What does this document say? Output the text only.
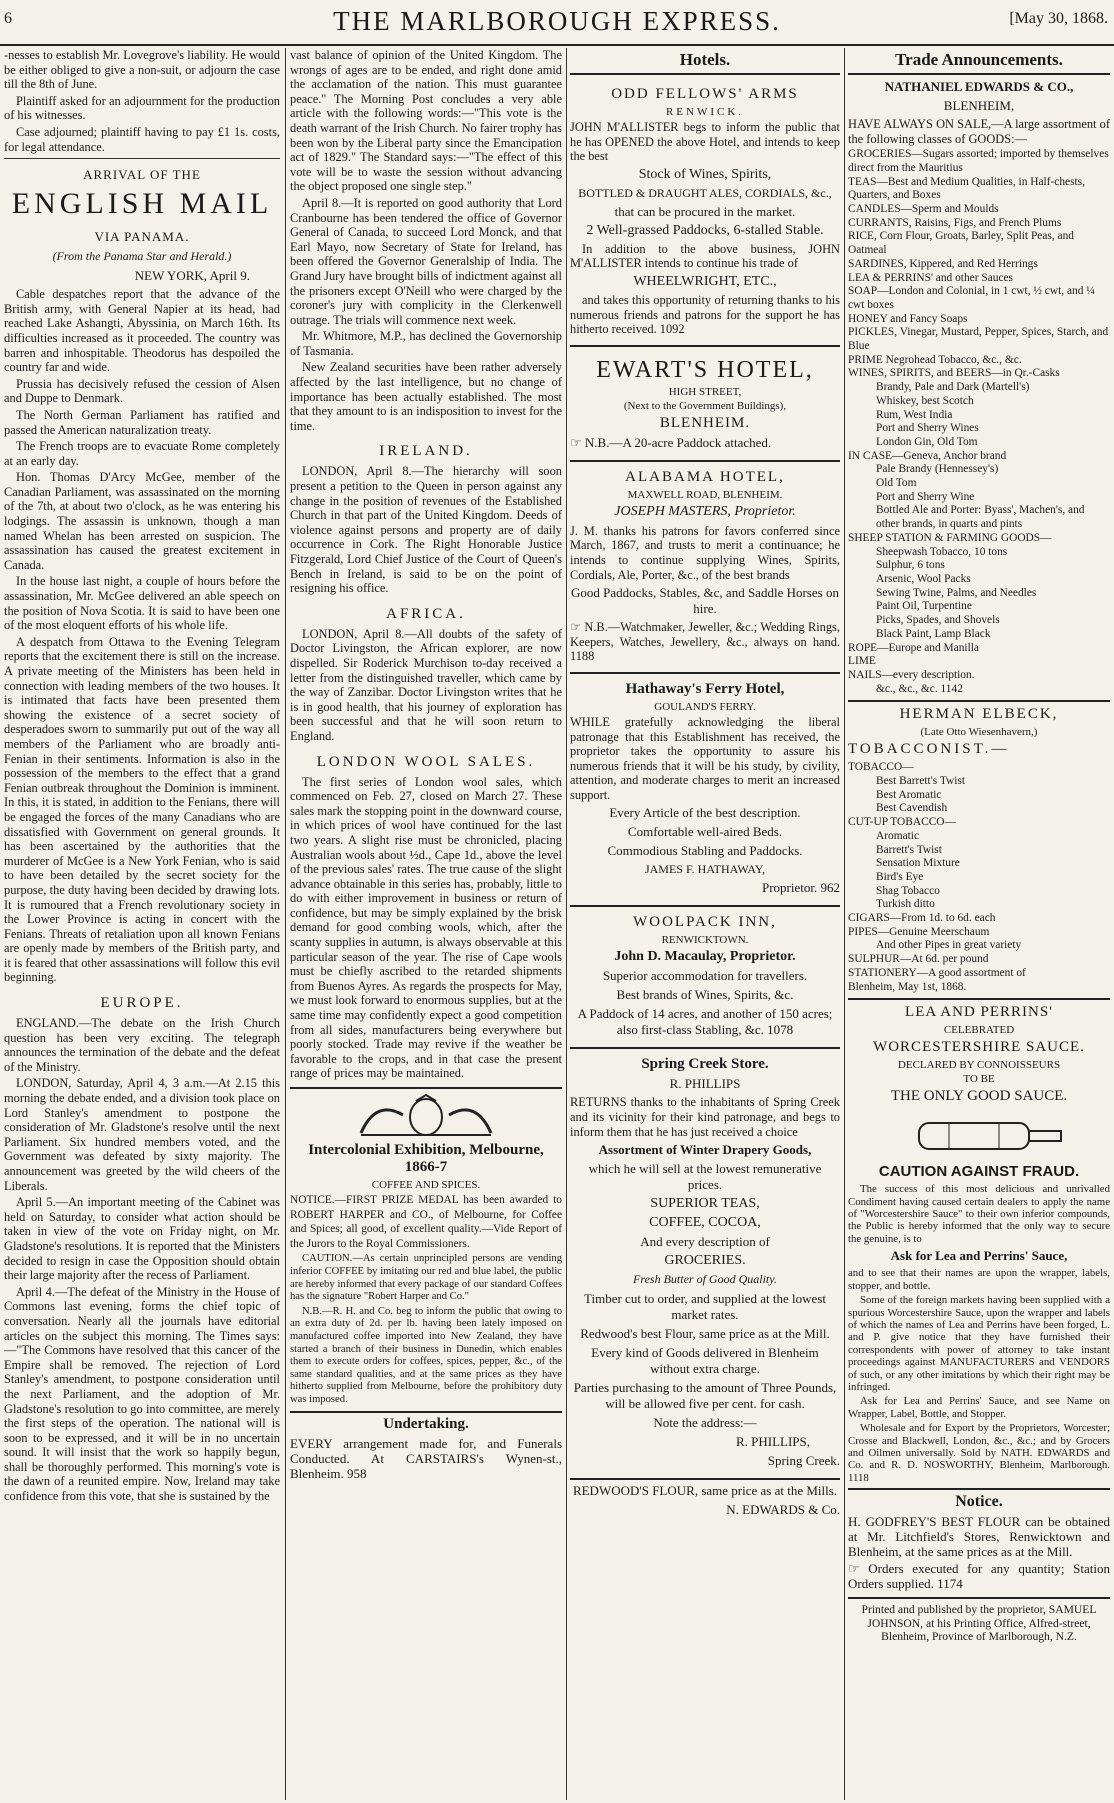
6	THE MARLBOROUGH EXPRESS.	[May 30, 1868.

-nesses to establish Mr. Lovegrove's liability. He would be either obliged to give a non-suit, or adjourn the case till the 8th of June.

Plaintiff asked for an adjournment for the production of his witnesses.

Case adjourned; plaintiff having to pay £1 1s. costs, for legal attendance.

ARRIVAL OF THE
ENGLISH MAIL
VIA PANAMA.
(From the Panama Star and Herald.)
NEW YORK, April 9.

Cable despatches report that the advance of the British army, with General Napier at its head, had reached Lake Ashangti, Abyssinia, on March 16th. Its difficulties increased as it proceeded. The country was barren and inhospitable. Theodorus has despoiled the country far and wide.

Prussia has decisively refused the cession of Alsen and Duppe to Denmark.

The North German Parliament has ratified and passed the American naturalization treaty.

The French troops are to evacuate Rome completely at an early day.

Hon. Thomas D'Arcy McGee, member of the Canadian Parliament, was assassinated on the morning of the 7th, at about two o'clock, as he was entering his lodgings. The assassin is unknown, though a man named Whelan has been arrested on suspicion. The assassination has caused the greatest excitement in Canada.

In the house last night, a couple of hours before the assassination, Mr. McGee delivered an able speech on the position of Nova Scotia. It is said to have been one of the most eloquent efforts of his whole life.

A despatch from Ottawa to the Evening Telegram reports that the excitement there is still on the increase. A private meeting of the Ministers has been held in connection with leading members of the two houses. It is intimated that facts have been presented them showing the existence of a secret society of desperadoes sworn to summarily put out of the way all members of the Parliament who are broadly anti-Fenian in their sentiments. Information is also in the possession of the members to the effect that a grand Fenian outbreak throughout the Dominion is imminent. In this, it is stated, in addition to the Fenians, there will be engaged the forces of the many Canadians who are dissatisfied with Government on general grounds. It has been ascertained by the authorities that the murderer of McGee is a New York Fenian, who is said to have been detailed by the secret society for the purpose, the duty having been decided by drawing lots. It is rumoured that a French revolutionary society in the Lower Province is acting in concert with the Fenians. Threats of retaliation upon all known Fenians are openly made by members of the British party, and it is feared that other assassinations will follow this evil beginning.

EUROPE.

ENGLAND.—The debate on the Irish Church question has been very exciting. The telegraph announces the termination of the debate and the defeat of the Ministry.

LONDON, Saturday, April 4, 3 a.m.—At 2.15 this morning the debate ended, and a division took place on Lord Stanley's amendment to postpone the consideration of Mr. Gladstone's resolve until the next Parliament. Six hundred members voted, and the Government was defeated by sixty majority. The announcement was greeted by the wild cheers of the Liberals.

April 5.—An important meeting of the Cabinet was held on Saturday, to consider what action should be taken in view of the vote on Friday night, on Mr. Gladstone's resolutions. It is reported that the Ministers decided to resign in case the Opposition should obtain their large majority after the recess of Parliament.

April 4.—The defeat of the Ministry in the House of Commons last evening, forms the chief topic of conversation. Nearly all the journals have editorial articles on the subject this morning. The Times says:—"The Commons have resolved that this cancer of the Empire shall be removed. The rejection of Lord Stanley's amendment, to postpone consideration until the next Parliament, and the adoption of Mr. Gladstone's resolution to go into committee, are merely the first steps of the operation. The national will is soon to be expressed, and it will be in no uncertain sound. It will insist that the work so happily begun, shall be thoroughly performed. This morning's vote is the dawn of a reunited empire. Now, Ireland may take confidence from this vote, that she is sustained by the

vast balance of opinion of the United Kingdom. The wrongs of ages are to be ended, and right done amid the acclamation of the nation. This must guarantee peace." The Morning Post concludes a very able article with the following words:—"This vote is the death warrant of the Irish Church. No fairer trophy has been won by the Liberal party since the Emancipation act of 1829." The Standard says:—"The effect of this vote will be to waste the session without advancing the object proposed one single step."

April 8.—It is reported on good authority that Lord Cranbourne has been tendered the office of Governor General of Canada, to succeed Lord Monck, and that Earl Mayo, now Secretary of State for Ireland, has been offered the Governor Generalship of India. The Grand Jury have brought bills of indictment against all the prisoners except O'Neill who were charged by the coroner's jury with complicity in the Clerkenwell outrage. The trials will commence next week.

Mr. Whitmore, M.P., has declined the Governorship of Tasmania.

New Zealand securities have been rather adversely affected by the last intelligence, but no change of importance has been actually established. The most that they amount to is an indisposition to invest for the time.

IRELAND.

LONDON, April 8.—The hierarchy will soon present a petition to the Queen in person against any change in the position of revenues of the Established Church in that part of the United Kingdom. Deeds of violence against persons and property are of daily occurrence in Cork. The Right Honorable Justice Fitzgerald, Lord Chief Justice of the Court of Queen's Bench in Ireland, is said to be on the point of resigning his office.

AFRICA.

LONDON, April 8.—All doubts of the safety of Doctor Livingston, the African explorer, are now dispelled. Sir Roderick Murchison to-day received a letter from the distinguished traveller, which came by the way of Zanzibar. Doctor Livingston writes that he is in good health, that his journey of exploration has been successful and that he will soon return to England.

LONDON WOOL SALES.

The first series of London wool sales, which commenced on Feb. 27, closed on March 27. These sales mark the stopping point in the downward course, in which prices of wool have continued for the last two years. A slight rise must be chronicled, placing Australian wools about ½d., Cape 1d., above the level of the previous sales' rates. The true cause of the slight advance obtainable in this series has, probably, little to do with either improvement in business or return of confidence, but may be simply explained by the brisk demand for good combing wools, which, after the scanty supplies in autumn, is always observable at this particular season of the year. The rise of Cape wools must be chiefly ascribed to the retarded shipments from Buenos Ayres. As regards the prospects for May, we must look forward to enormous supplies, but at the same time may confidently expect a good competition from all sides, manufacturers being everywhere but poorly stocked. Trade may revive if the weather be favorable to the crops, and in that case the present range of prices may be maintained.

Intercolonial Exhibition, Melbourne, 1866-7
COFFEE AND SPICES.

NOTICE.—FIRST PRIZE MEDAL has been awarded to ROBERT HARPER and CO., of Melbourne, for Coffee and Spices; all good, of excellent quality.—Vide Report of the Jurors to the Royal Commissioners.

CAUTION.—As certain unprincipled persons are vending inferior COFFEE by imitating our red and blue label, the public are hereby informed that every package of our standard Coffees has the signature "Robert Harper and Co."

N.B.—R. H. and Co. beg to inform the public that owing to an extra duty of 2d. per lb. having been lately imposed on manufactured coffee imported into New Zealand, they have started a branch of their business in Dunedin, which enables them to execute orders for coffees, spices, pepper, &c., of the same standard qualities, and at the same prices as they have hitherto supplied from Melbourne, before the prohibitory duty was imposed.

Undertaking.

EVERY arrangement made for, and Funerals Conducted. At CARSTAIRS's Wynen-st., Blenheim. 958

Hotels.
ODD FELLOWS' ARMS
RENWICK.

JOHN M'ALLISTER begs to inform the public that he has OPENED the above Hotel, and intends to keep the best

Stock of Wines, Spirits,
BOTTLED & DRAUGHT ALES, CORDIALS, &c.,
that can be procured in the market.
2 Well-grassed Paddocks, 6-stalled Stable.

In addition to the above business, JOHN M'ALLISTER intends to continue his trade of

WHEELWRIGHT, ETC.,

and takes this opportunity of returning thanks to his numerous friends and patrons for the support he has hitherto received. 1092

EWART'S HOTEL,
HIGH STREET,
(Next to the Government Buildings),
BLENHEIM.
☞ N.B.—A 20-acre Paddock attached.
ALABAMA HOTEL,
MAXWELL ROAD, BLENHEIM.
JOSEPH MASTERS, Proprietor.

J. M. thanks his patrons for favors conferred since March, 1867, and trusts to merit a continuance; he intends to continue supplying Wines, Spirits, Cordials, Ale, Porter, &c., of the best brands

Good Paddocks, Stables, &c, and Saddle Horses on hire.

☞ N.B.—Watchmaker, Jeweller, &c.; Wedding Rings, Keepers, Watches, Jewellery, &c., always on hand. 1188

Hathaway's Ferry Hotel,
GOULAND'S FERRY.

WHILE gratefully acknowledging the liberal patronage that this Establishment has received, the proprietor takes the opportunity to assure his numerous friends that it will be his study, by civility, attention, and moderate charges to merit an increased support.

Every Article of the best description.
Comfortable well-aired Beds.
Commodious Stabling and Paddocks.
JAMES F. HATHAWAY,
Proprietor. 962
WOOLPACK INN,
RENWICKTOWN.
John D. Macaulay, Proprietor.
Superior accommodation for travellers.
Best brands of Wines, Spirits, &c.
A Paddock of 14 acres, and another of 150 acres; also first-class Stabling, &c. 1078
Spring Creek Store.
R. PHILLIPS

RETURNS thanks to the inhabitants of Spring Creek and its vicinity for their kind patronage, and begs to inform them that he has just received a choice

Assortment of Winter Drapery Goods,
which he will sell at the lowest remunerative prices.
SUPERIOR TEAS,
COFFEE, COCOA,
And every description of
GROCERIES.
Fresh Butter of Good Quality.
Timber cut to order, and supplied at the lowest market rates.
Redwood's best Flour, same price as at the Mill.
Every kind of Goods delivered in Blenheim without extra charge.
Parties purchasing to the amount of Three Pounds, will be allowed five per cent. for cash.
Note the address:—
R. PHILLIPS,
Spring Creek.
REDWOOD'S FLOUR, same price as at the Mills.
N. EDWARDS & Co.
Trade Announcements.
NATHANIEL EDWARDS & CO.,
BLENHEIM,

HAVE ALWAYS ON SALE,—A large assortment of the following classes of GOODS:—

GROCERIES—Sugars assorted; imported by themselves direct from the Mauritius
TEAS—Best and Medium Qualities, in Half-chests, Quarters, and Boxes
CANDLES—Sperm and Moulds
CURRANTS, Raisins, Figs, and French Plums
RICE, Corn Flour, Groats, Barley, Split Peas, and Oatmeal
SARDINES, Kippered, and Red Herrings
LEA & PERRINS' and other Sauces
SOAP—London and Colonial, in 1 cwt, ½ cwt, and ¼ cwt boxes
HONEY and Fancy Soaps
PICKLES, Vinegar, Mustard, Pepper, Spices, Starch, and Blue
PRIME Negrohead Tobacco, &c., &c.
WINES, SPIRITS, and BEERS—in Qr.-Casks
Brandy, Pale and Dark (Martell's)
Whiskey, best Scotch
Rum, West India
Port and Sherry Wines
London Gin, Old Tom
IN CASE—Geneva, Anchor brand
Pale Brandy (Hennessey's)
Old Tom
Port and Sherry Wine
Bottled Ale and Porter: Byass', Machen's, and other brands, in quarts and pints
SHEEP STATION & FARMING GOODS—
Sheepwash Tobacco, 10 tons
Sulphur, 6 tons
Arsenic, Wool Packs
Sewing Twine, Palms, and Needles
Paint Oil, Turpentine
Picks, Spades, and Shovels
Black Paint, Lamp Black
ROPE—Europe and Manilla
LIME
NAILS—every description.
&c., &c., &c. 1142
HERMAN ELBECK,
(Late Otto Wiesenhavern,)
TOBACCONIST.—
TOBACCO—
Best Barrett's Twist
Best Aromatic
Best Cavendish
CUT-UP TOBACCO—
Aromatic
Barrett's Twist
Sensation Mixture
Bird's Eye
Shag Tobacco
Turkish ditto
CIGARS—From 1d. to 6d. each
PIPES—Genuine Meerschaum
And other Pipes in great variety
SULPHUR—At 6d. per pound
STATIONERY—A good assortment of
Blenheim, May 1st, 1868.
LEA AND PERRINS'
CELEBRATED
WORCESTERSHIRE SAUCE.
DECLARED BY CONNOISSEURS
TO BE
THE ONLY GOOD SAUCE.
CAUTION AGAINST FRAUD.

The success of this most delicious and unrivalled Condiment having caused certain dealers to apply the name of "Worcestershire Sauce" to their own inferior compounds, the Public is hereby informed that the only way to secure the genuine, is to

Ask for Lea and Perrins' Sauce,

and to see that their names are upon the wrapper, labels, stopper, and bottle.

Some of the foreign markets having been supplied with a spurious Worcestershire Sauce, upon the wrapper and labels of which the names of Lea and Perrins have been forged, L. and P. give notice that they have furnished their correspondents with power of attorney to take instant proceedings against MANUFACTURERS and VENDORS of such, or any other imitations by which their right may be infringed.

Ask for Lea and Perrins' Sauce, and see Name on Wrapper, Label, Bottle, and Stopper.

Wholesale and for Export by the Proprietors, Worcester; Crosse and Blackwell, London, &c., &c.; and by Grocers and Oilmen universally. Sold by NATH. EDWARDS and Co. and R. D. NOSWORTHY, Blenheim, Marlborough. 1118

Notice.

H. GODFREY'S BEST FLOUR can be obtained at Mr. Litchfield's Stores, Renwicktown and Blenheim, at the same prices as at the Mill.

☞ Orders executed for any quantity; Station Orders supplied. 1174

Printed and published by the proprietor, SAMUEL JOHNSON, at his Printing Office, Alfred-street, Blenheim, Province of Marlborough, N.Z.
